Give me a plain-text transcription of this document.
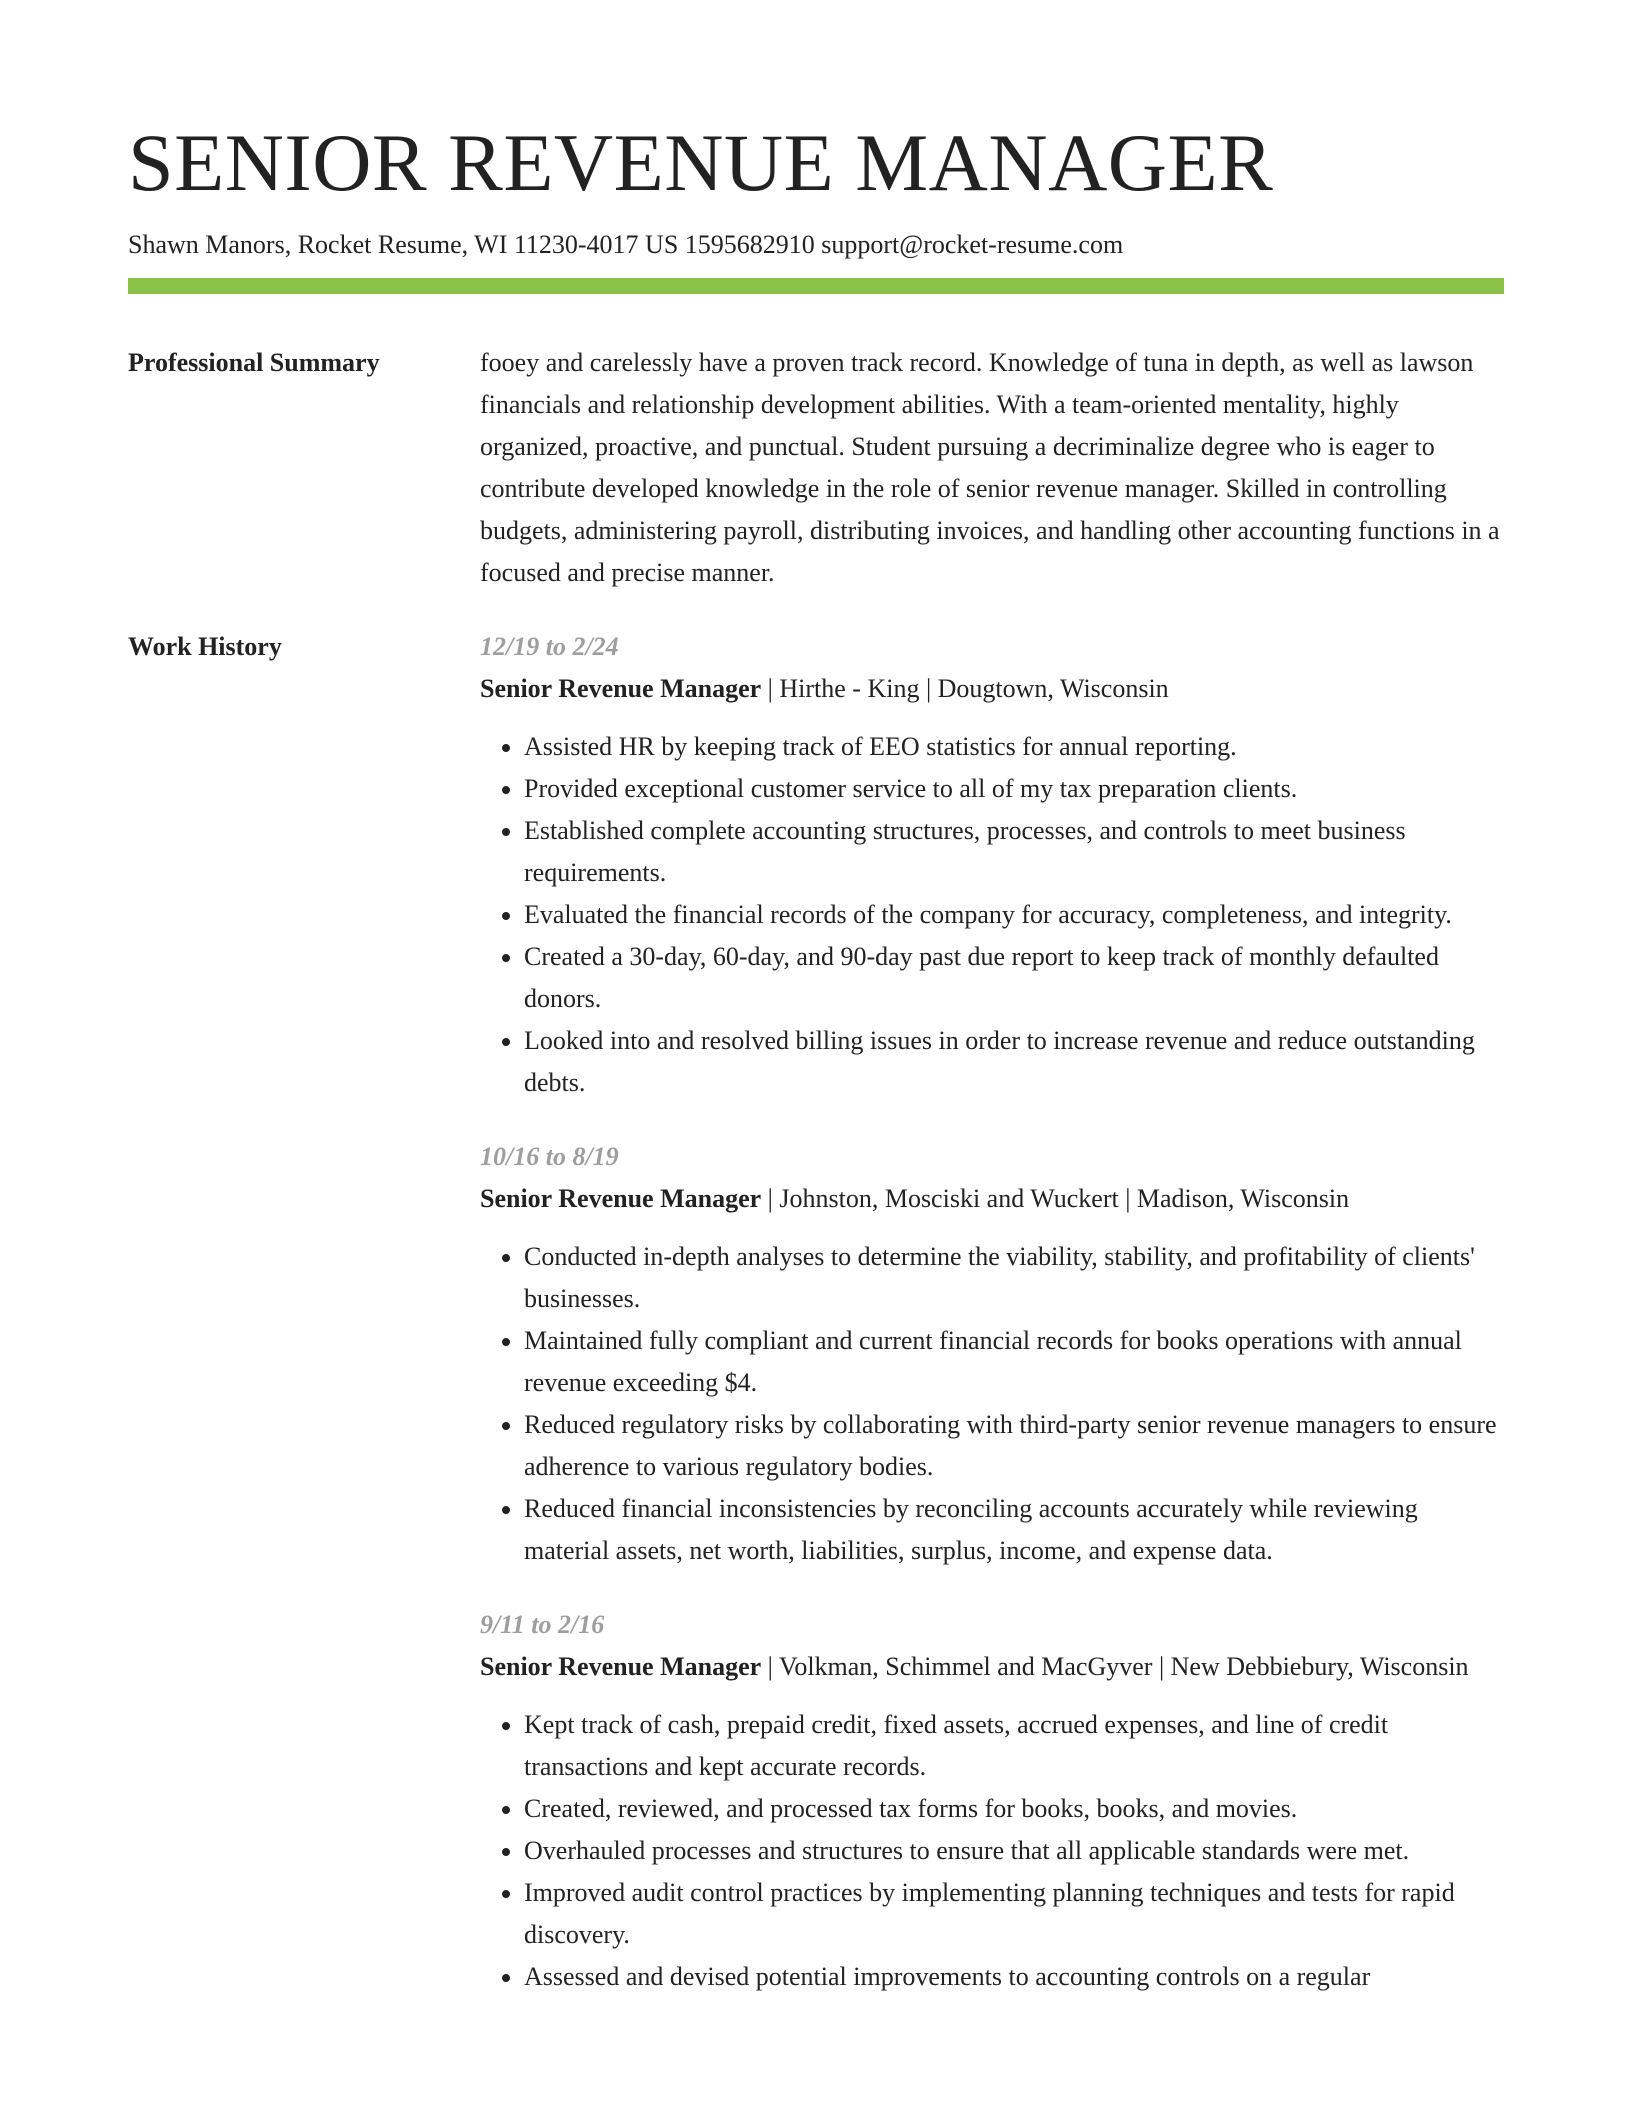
SENIOR REVENUE MANAGER
Shawn Manors, Rocket Resume, WI 11230-4017 US 1595682910 support@rocket-resume.com
Professional Summary	fooey and carelessly have a proven track record. Knowledge of tuna in depth, as well as lawson financials and relationship development abilities. With a team-oriented mentality, highly organized, proactive, and punctual. Student pursuing a decriminalize degree who is eager to contribute developed knowledge in the role of senior revenue manager. Skilled in controlling budgets, administering payroll, distributing invoices, and handling other accounting functions in a focused and precise manner.

Work History	12/19 to 2/24
Senior Revenue Manager | Hirthe - King | Dougtown, Wisconsin
• Assisted HR by keeping track of EEO statistics for annual reporting.
• Provided exceptional customer service to all of my tax preparation clients.
• Established complete accounting structures, processes, and controls to meet business requirements.
• Evaluated the financial records of the company for accuracy, completeness, and integrity.
• Created a 30-day, 60-day, and 90-day past due report to keep track of monthly defaulted donors.
• Looked into and resolved billing issues in order to increase revenue and reduce outstanding debts.
10/16 to 8/19
Senior Revenue Manager | Johnston, Mosciski and Wuckert | Madison, Wisconsin
• Conducted in-depth analyses to determine the viability, stability, and profitability of clients' businesses.
• Maintained fully compliant and current financial records for books operations with annual revenue exceeding $4.
• Reduced regulatory risks by collaborating with third-party senior revenue managers to ensure adherence to various regulatory bodies.
• Reduced financial inconsistencies by reconciling accounts accurately while reviewing material assets, net worth, liabilities, surplus, income, and expense data.
9/11 to 2/16
Senior Revenue Manager | Volkman, Schimmel and MacGyver | New Debbiebury, Wisconsin
• Kept track of cash, prepaid credit, fixed assets, accrued expenses, and line of credit transactions and kept accurate records.
• Created, reviewed, and processed tax forms for books, books, and movies.
• Overhauled processes and structures to ensure that all applicable standards were met.
• Improved audit control practices by implementing planning techniques and tests for rapid discovery.
• Assessed and devised potential improvements to accounting controls on a regular
